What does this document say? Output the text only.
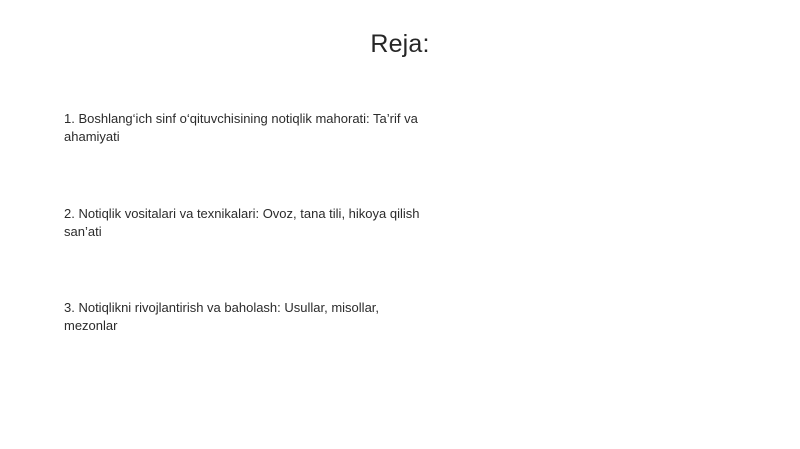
Reja:
1. Boshlang‘ich sinf o‘qituvchisining notiqlik mahorati: Ta’rif va ahamiyati
2. Notiqlik vositalari va texnikalari: Ovoz, tana tili, hikoya qilish san’ati
3. Notiqlikni rivojlantirish va baholash: Usullar, misollar, mezonlar
